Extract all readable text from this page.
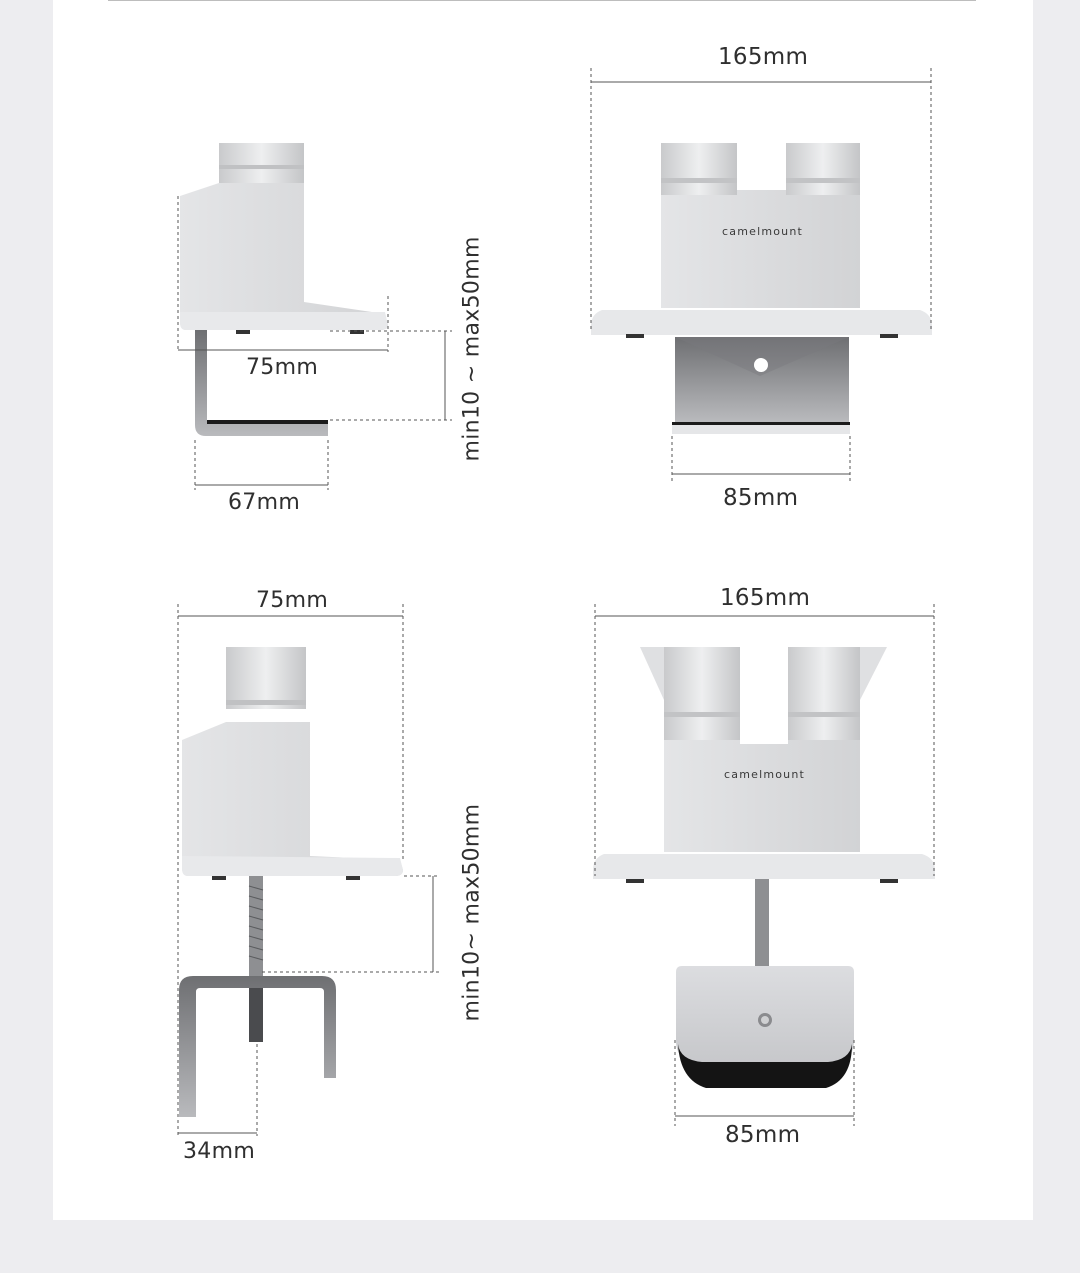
camelmount
camelmount
75mm
67mm
min10 ~ max50mm
165mm
85mm
75mm
34mm
min10~ max50mm
165mm
85mm
